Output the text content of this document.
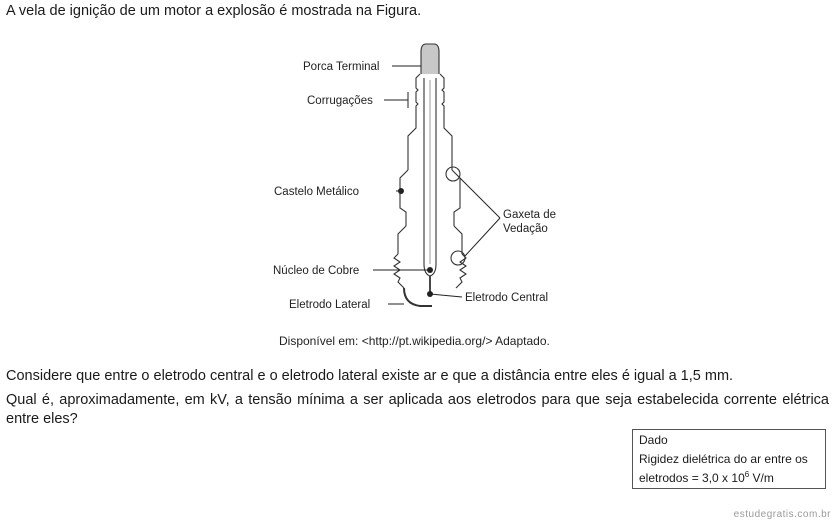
A vela de ignição de um motor a explosão é mostrada na Figura.
Porca Terminal
Corrugações
Castelo Metálico
Gaxeta de
Vedação
Núcleo de Cobre
Eletrodo Central
Eletrodo Lateral
Disponível em: <http://pt.wikipedia.org/> Adaptado.
Considere que entre o eletrodo central e o eletrodo lateral existe ar e que a distância entre eles é igual a 1,5 mm.
Qual é, aproximadamente, em kV, a tensão mínima a ser aplicada aos eletrodos para que seja estabelecida corrente elétrica entre eles?
Dado
Rigidez dielétrica do ar entre os
eletrodos = 3,0 x $10^6$ V/m
estudegratis.com.br
